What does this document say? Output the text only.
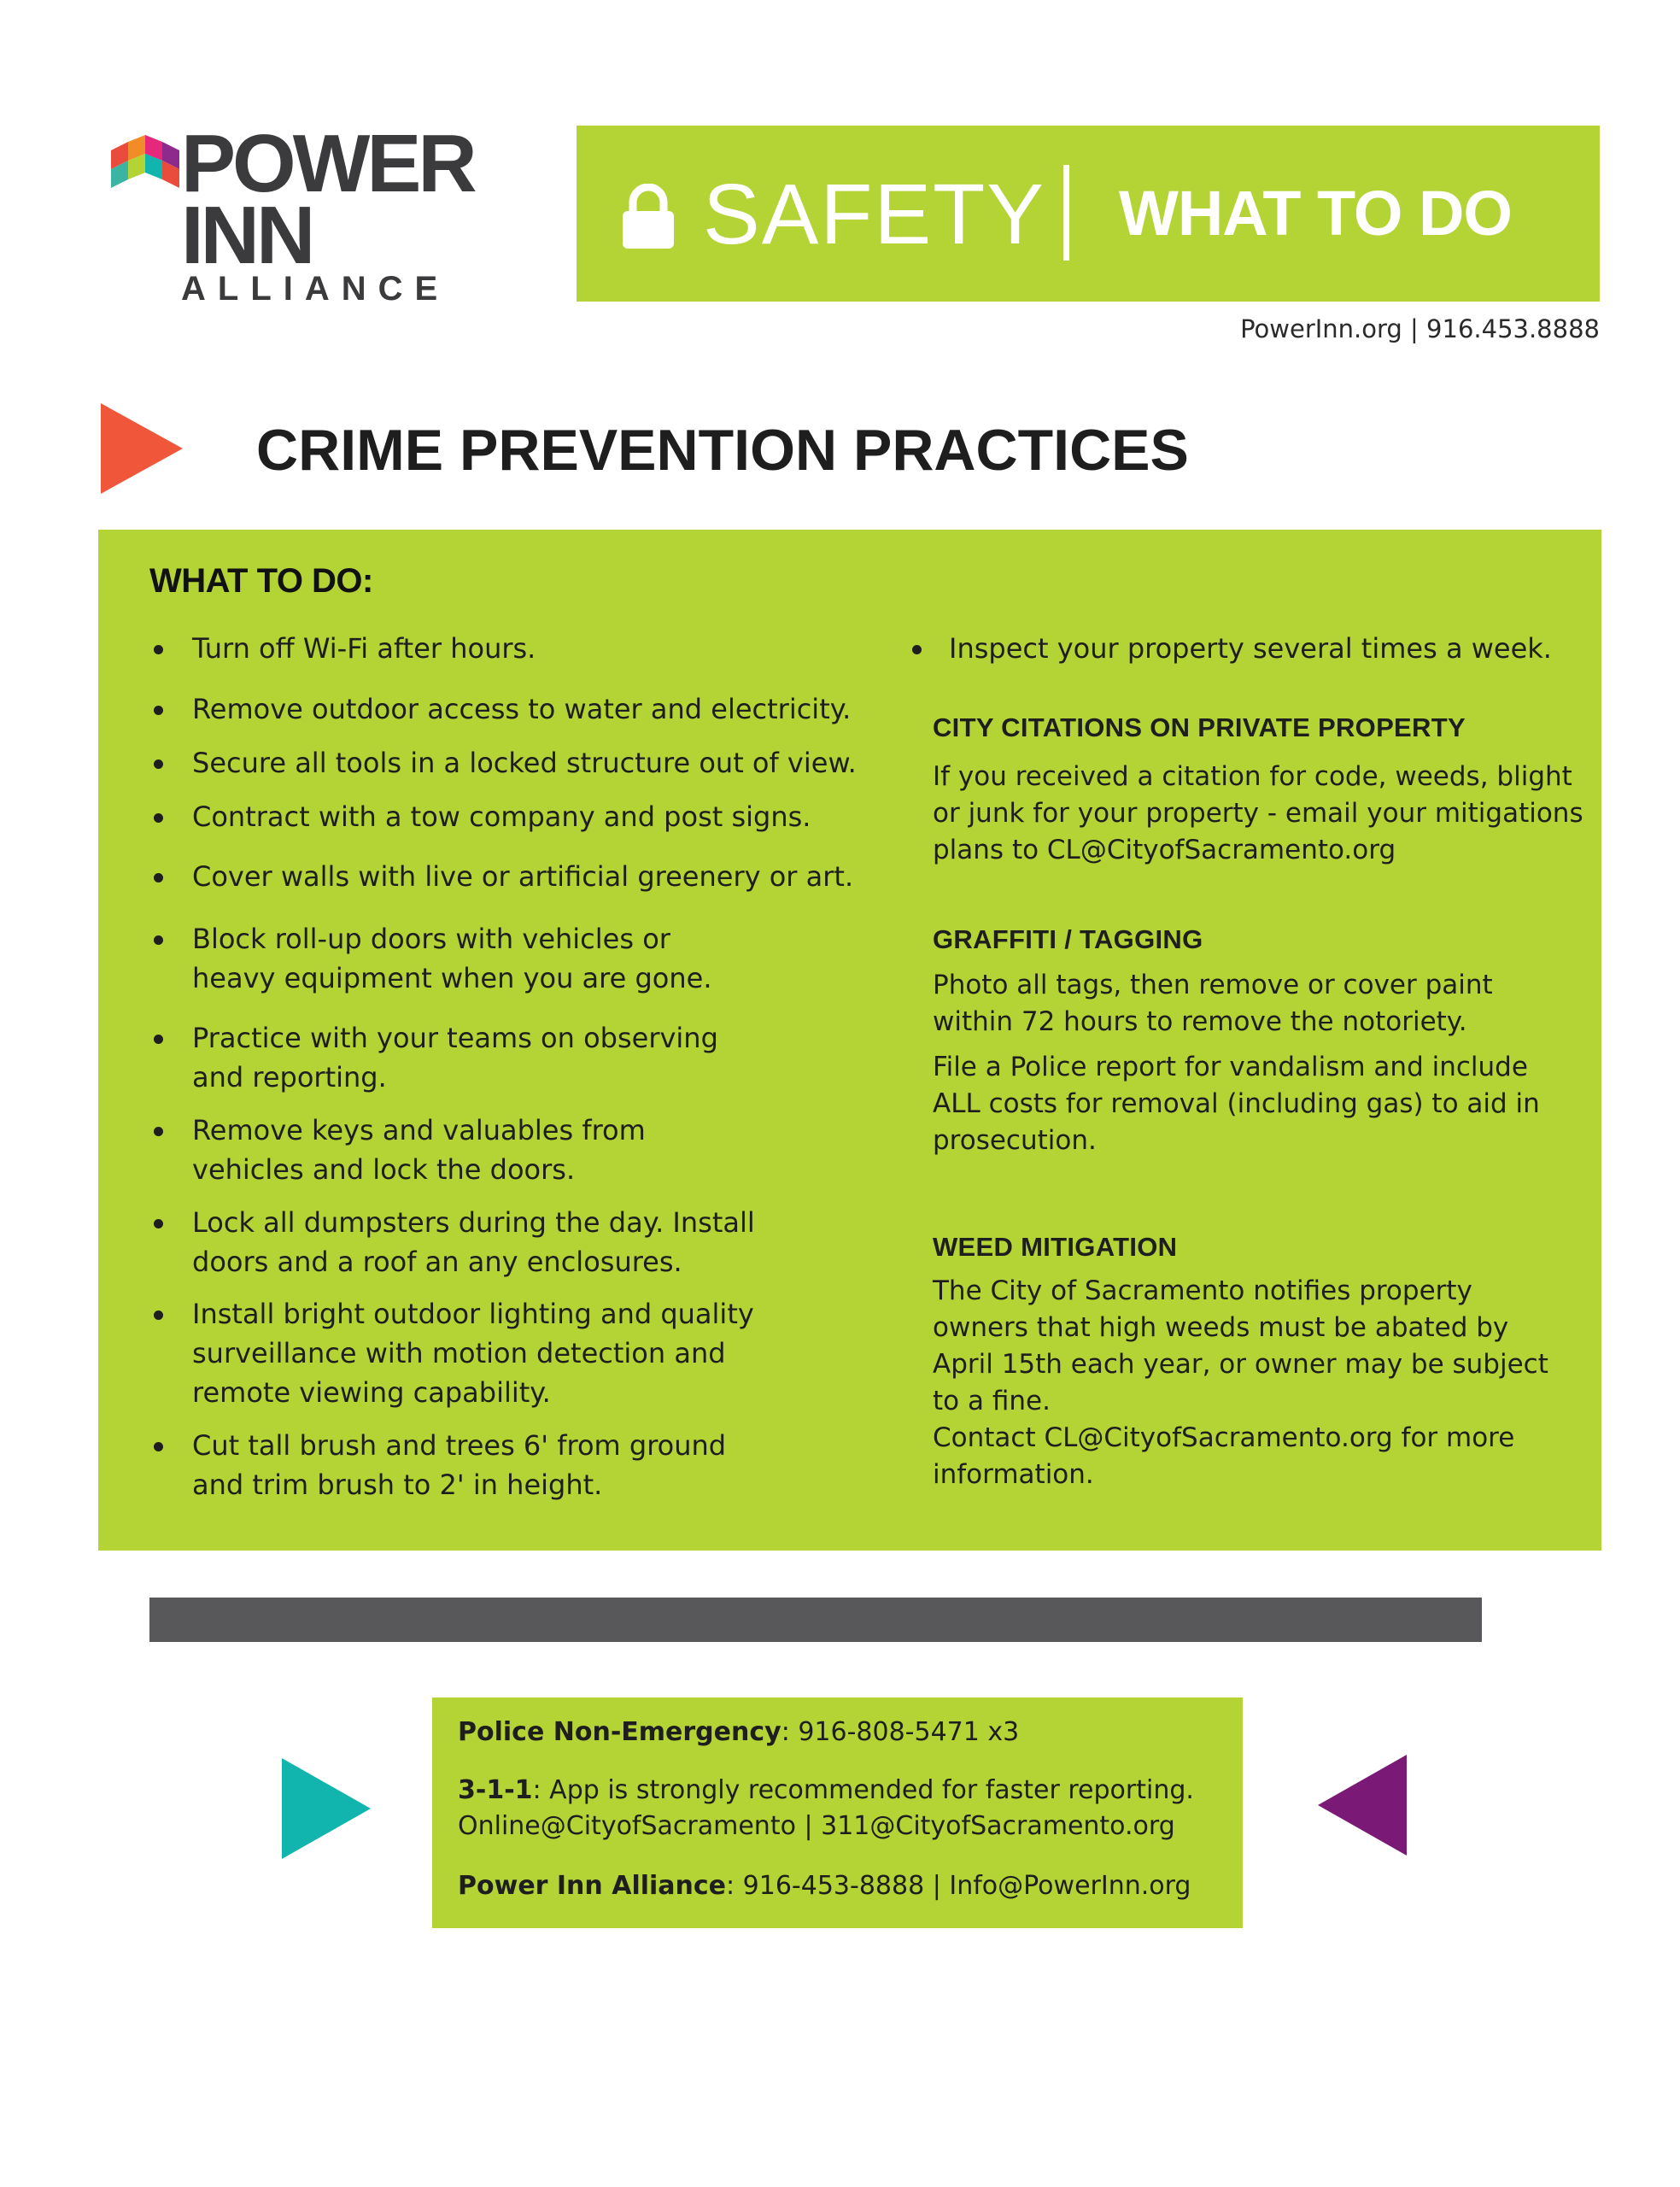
POWER
INN
ALLIANCE
SAFETY WHAT TO DO
PowerInn.org | 916.453.8888
CRIME PREVENTION PRACTICES
WHAT TO DO:
Turn off Wi-Fi after hours.
Remove outdoor access to water and electricity.
Secure all tools in a locked structure out of view.
Contract with a tow company and post signs.
Cover walls with live or artificial greenery or art.
Block roll-up doors with vehicles or heavy equipment when you are gone.
Practice with your teams on observing and reporting.
Remove keys and valuables from vehicles and lock the doors.
Lock all dumpsters during the day. Install doors and a roof an any enclosures.
Install bright outdoor lighting and quality surveillance with motion detection and remote viewing capability.
Cut tall brush and trees 6' from ground and trim brush to 2' in height.
Inspect your property several times a week.
CITY CITATIONS ON PRIVATE PROPERTY
If you received a citation for code, weeds, blight or junk for your property - email your mitigations plans to CL@CityofSacramento.org
GRAFFITI / TAGGING
Photo all tags, then remove or cover paint within 72 hours to remove the notoriety.
File a Police report for vandalism and include ALL costs for removal (including gas) to aid in prosecution.
WEED MITIGATION
The City of Sacramento notifies property owners that high weeds must be abated by April 15th each year, or owner may be subject to a fine.
Contact CL@CityofSacramento.org for more information.
Police Non-Emergency: 916-808-5471 x3
3-1-1: App is strongly recommended for faster reporting.
Online@CityofSacramento | 311@CityofSacramento.org
Power Inn Alliance: 916-453-8888 | Info@PowerInn.org
